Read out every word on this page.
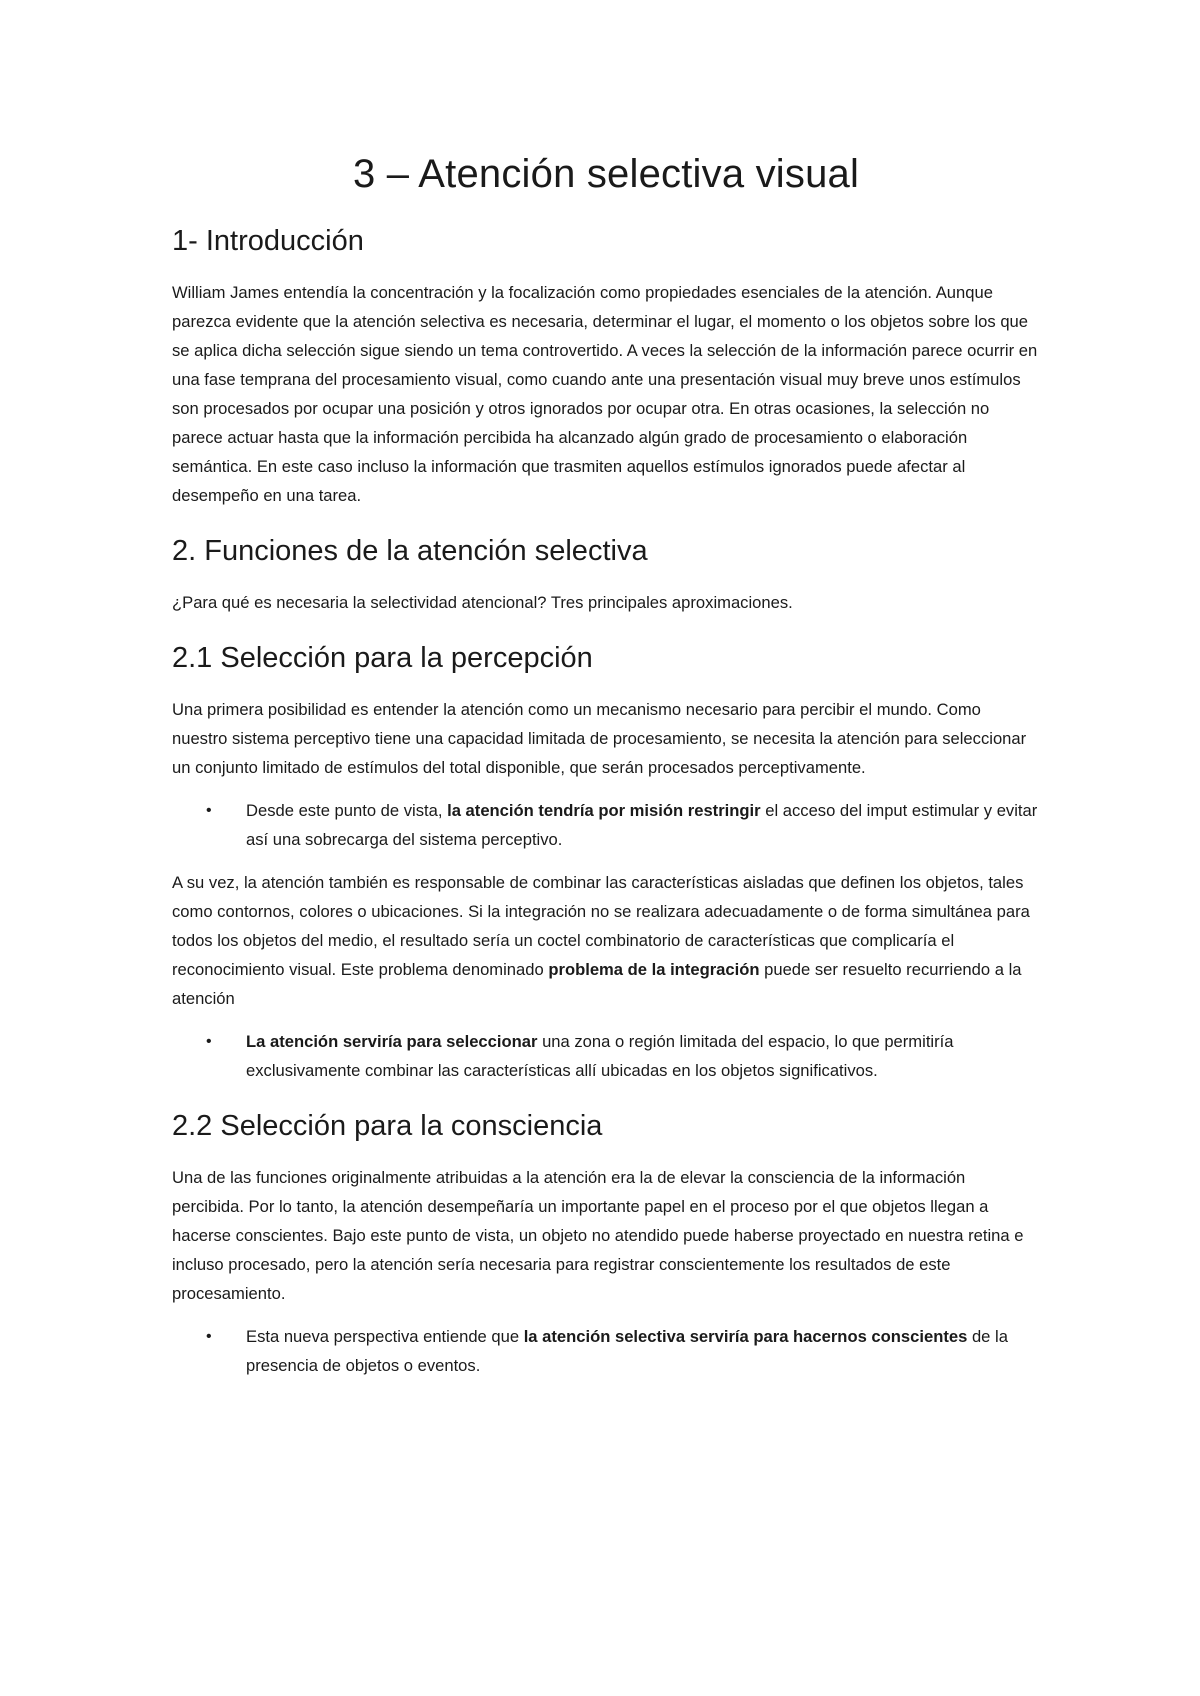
3 – Atención selectiva visual
1- Introducción

William James entendía la concentración y la focalización como propiedades esenciales de la atención. Aunque parezca evidente que la atención selectiva es necesaria, determinar el lugar, el momento o los objetos sobre los que se aplica dicha selección sigue siendo un tema controvertido. A veces la selección de la información parece ocurrir en una fase temprana del procesamiento visual, como cuando ante una presentación visual muy breve unos estímulos son procesados por ocupar una posición y otros ignorados por ocupar otra. En otras ocasiones, la selección no parece actuar hasta que la información percibida ha alcanzado algún grado de procesamiento o elaboración semántica. En este caso incluso la información que trasmiten aquellos estímulos ignorados puede afectar al desempeño en una tarea.

2. Funciones de la atención selectiva

¿Para qué es necesaria la selectividad atencional? Tres principales aproximaciones.

2.1 Selección para la percepción

Una primera posibilidad es entender la atención como un mecanismo necesario para percibir el mundo. Como nuestro sistema perceptivo tiene una capacidad limitada de procesamiento, se necesita la atención para seleccionar un conjunto limitado de estímulos del total disponible, que serán procesados perceptivamente.

• Desde este punto de vista, la atención tendría por misión restringir el acceso del imput estimular y evitar así una sobrecarga del sistema perceptivo.

A su vez, la atención también es responsable de combinar las características aisladas que definen los objetos, tales como contornos, colores o ubicaciones. Si la integración no se realizara adecuadamente o de forma simultánea para todos los objetos del medio, el resultado sería un coctel combinatorio de características que complicaría el reconocimiento visual. Este problema denominado problema de la integración puede ser resuelto recurriendo a la atención

• La atención serviría para seleccionar una zona o región limitada del espacio, lo que permitiría exclusivamente combinar las características allí ubicadas en los objetos significativos.
2.2 Selección para la consciencia

Una de las funciones originalmente atribuidas a la atención era la de elevar la consciencia de la información percibida. Por lo tanto, la atención desempeñaría un importante papel en el proceso por el que objetos llegan a hacerse conscientes. Bajo este punto de vista, un objeto no atendido puede haberse proyectado en nuestra retina e incluso procesado, pero la atención sería necesaria para registrar conscientemente los resultados de este procesamiento.

• Esta nueva perspectiva entiende que la atención selectiva serviría para hacernos conscientes de la presencia de objetos o eventos.
